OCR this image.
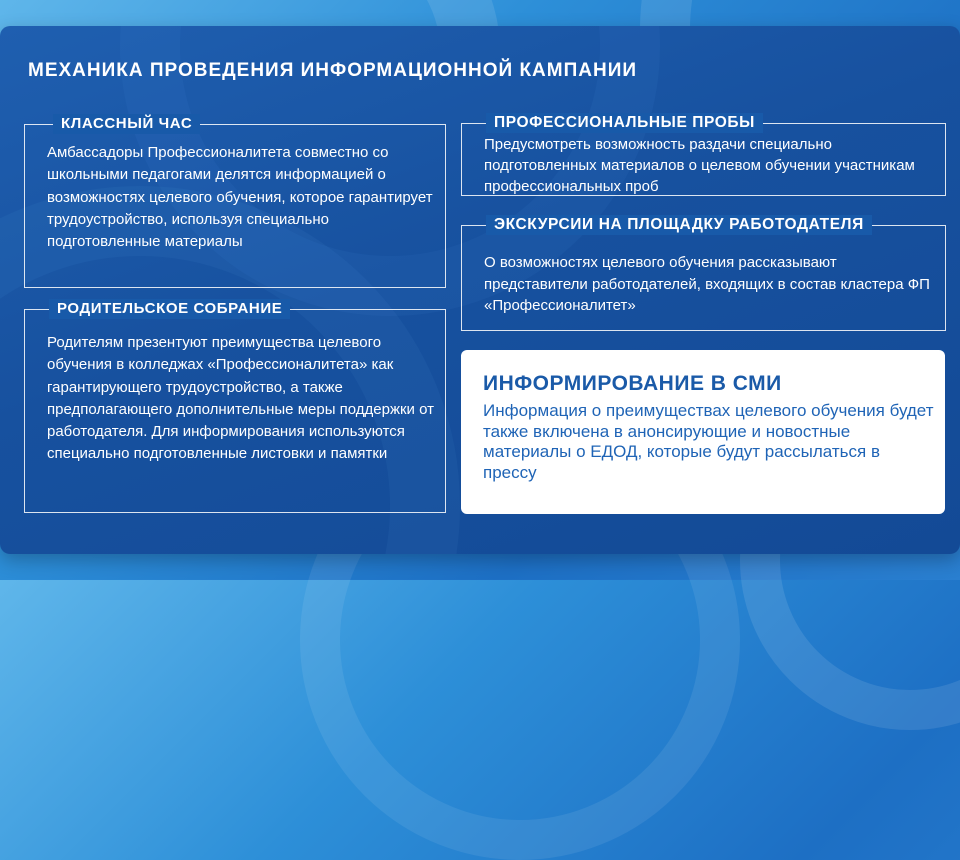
МЕХАНИКА ПРОВЕДЕНИЯ ИНФОРМАЦИОННОЙ КАМПАНИИ
КЛАССНЫЙ ЧАС
Амбассадоры Профессионалитета совместно со школьными педагогами делятся информацией о возможностях целевого обучения, которое гарантирует трудоустройство, используя специально подготовленные материалы
РОДИТЕЛЬСКОЕ СОБРАНИЕ
Родителям презентуют преимущества целевого обучения в колледжах «Профессионалитета» как гарантирующего трудоустройство, а также предполагающего дополнительные меры поддержки от работодателя. Для информирования используются специально подготовленные листовки и памятки
ПРОФЕССИОНАЛЬНЫЕ ПРОБЫ
Предусмотреть возможность раздачи специально подготовленных материалов о целевом обучении участникам профессиональных проб
ЭКСКУРСИИ НА ПЛОЩАДКУ РАБОТОДАТЕЛЯ
О возможностях целевого обучения рассказывают представители работодателей, входящих в состав кластера ФП «Профессионалитет»
ИНФОРМИРОВАНИЕ В СМИ
Информация о преимуществах целевого обучения будет также включена в анонсирующие и новостные материалы о ЕДОД, которые будут рассылаться в прессу
